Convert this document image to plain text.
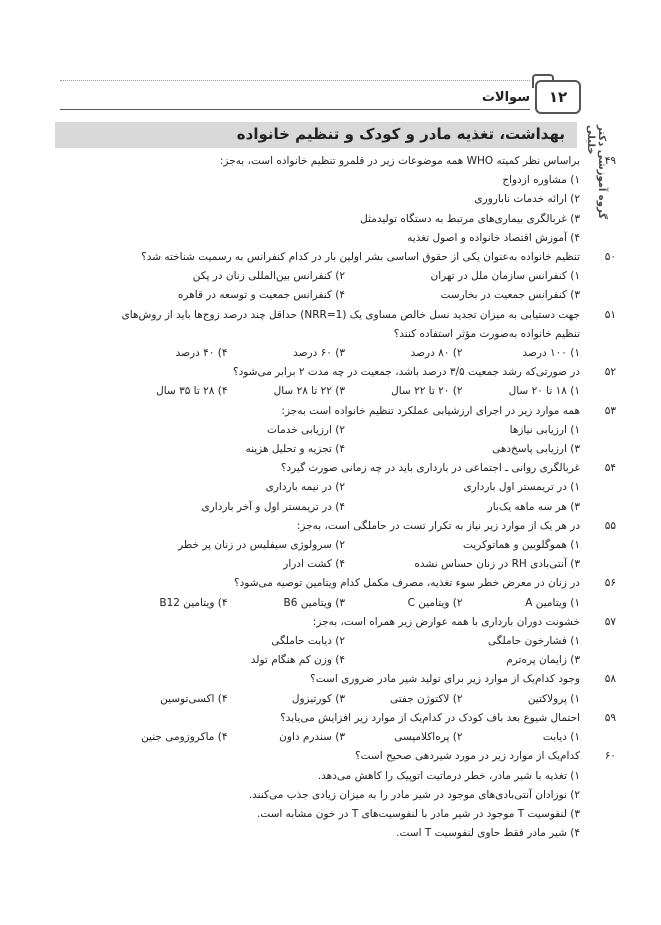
سوالات	۱۲
بهداشت، تغذیه مادر و کودک و تنظیم خانواده	گروه آموزشی دکتر خلیلی
۴۹
براساس نظر کمیته WHO همه موضوعات زیر در قلمرو تنظیم خانواده است، به‌جز:
۱) مشاوره ازدواج
۲) ارائه خدمات ناباروری
۳) غربالگری بیماری‌های مرتبط به دستگاه تولیدمثل
۴) آموزش اقتصاد خانواده و اصول تغذیه
۵۰
تنظیم خانواده به‌عنوان یکی از حقوق اساسی بشر اولین بار در کدام کنفرانس به رسمیت شناخته شد؟
۱) کنفرانس سازمان ملل در تهران
۲) کنفرانس بین‌المللی زنان در پکن
۳) کنفرانس جمعیت در بخارست
۴) کنفرانس جمعیت و توسعه در قاهره
۵۱
جهت دستیابی به میزان تجدید نسل خالص مساوی یک (NRR=1) حداقل چند درصد زوج‌ها باید از روش‌های تنظیم خانواده به‌صورت مؤثر استفاده کنند؟
۱) ۱۰۰ درصد
۲) ۸۰ درصد
۳) ۶۰ درصد
۴) ۴۰ درصد
۵۲
در صورتی‌که رشد جمعیت ۳/۵ درصد باشد، جمعیت در چه مدت ۲ برابر می‌شود؟
۱) ۱۸ تا ۲۰ سال
۲) ۲۰ تا ۲۲ سال
۳) ۲۲ تا ۲۸ سال
۴) ۲۸ تا ۳۵ سال
۵۳
همه موارد زیر در اجرای ارزشیابی عملکرد تنظیم خانواده است به‌جز:
۱) ارزیابی نیازها
۲) ارزیابی خدمات
۳) ارزیابی پاسخ‌دهی
۴) تجزیه و تحلیل هزینه
۵۴
غربالگری روانی ـ اجتماعی در بارداری باید در چه زمانی صورت گیرد؟
۱) در تریمستر اول بارداری
۲) در نیمه بارداری
۳) هر سه ماهه یک‌بار
۴) در تریمستر اول و آخر بارداری
۵۵
در هر یک از موارد زیر نیاز به تکرار تست در حاملگی است، به‌جز:
۱) هموگلوبین و هماتوکریت
۲) سرولوژی سیفلیس در زنان پر خطر
۳) آنتی‌بادی RH در زنان حساس نشده
۴) کشت ادرار
۵۶
در زنان در معرض خطر سوء تغذیه، مصرف مکمل کدام ویتامین توصیه می‌شود؟
۱) ویتامین A
۲) ویتامین C
۳) ویتامین B6
۴) ویتامین B12
۵۷
خشونت دوران بارداری با همه عوارض زیر همراه است، به‌جز:
۱) فشارخون حاملگی
۲) دیابت حاملگی
۳) زایمان پره‌ترم
۴) وزن کم هنگام تولد
۵۸
وجود کدام‌یک از موارد زیر برای تولید شیر مادر ضروری است؟
۱) پرولاکتین
۲) لاکتوژن جفتی
۳) کورتیزول
۴) اکسی‌توسین
۵۹
احتمال شیوع بعد باف کودک در کدام‌یک از موارد زیر افزایش می‌یابد؟
۱) دیابت
۲) پره‌اکلامپسی
۳) سندرم داون
۴) ماکروزومی جنین
۶۰
کدام‌یک از موارد زیر در مورد شیردهی صحیح است؟
۱) تغذیه با شیر مادر، خطر درماتیت اتوپیک را کاهش می‌دهد.
۲) نوزادان آنتی‌بادی‌های موجود در شیر مادر را به میزان زیادی جذب می‌کنند.
۳) لنفوسیت T موجود در شیر مادر با لنفوسیت‌های T در خون مشابه است.
۴) شیر مادر فقط حاوی لنفوسیت T است.
